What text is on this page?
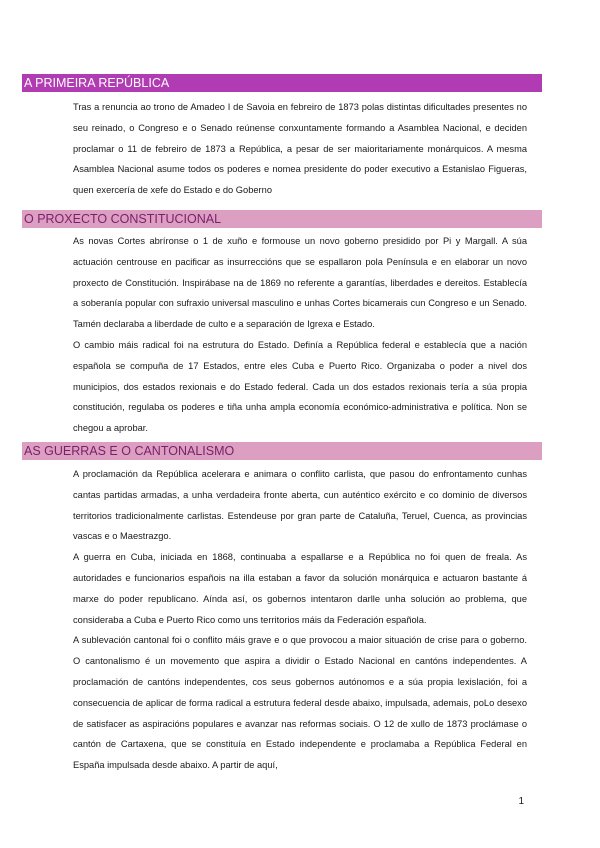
A PRIMEIRA REPÚBLICA

Tras a renuncia ao trono de Amadeo I de Savoia en febreiro de 1873 polas distintas dificultades presentes no seu reinado, o Congreso e o Senado reúnense conxuntamente formando a Asamblea Nacional, e deciden proclamar o 11 de febreiro de 1873 a República, a pesar de ser maioritariamente monárquicos. A mesma Asamblea Nacional asume todos os poderes e nomea presidente do poder executivo a Estanislao Figueras, quen exercería de xefe do Estado e do Goberno

O PROXECTO CONSTITUCIONAL

As novas Cortes abríronse o 1 de xuño e formouse un novo goberno presidido por Pi y Margall. A súa actuación centrouse en pacificar as insurreccións que se espallaron pola Península e en elaborar un novo proxecto de Constitución. Inspirábase na de 1869 no referente a garantías, liberdades e dereitos. Establecía a soberanía popular con sufraxio universal masculino e unhas Cortes bicamerais cun Congreso e un Senado. Tamén declaraba a liberdade de culto e a separación de Igrexa e Estado.

O cambio máis radical foi na estrutura do Estado. Definía a República federal e establecía que a nación española se compuña de 17 Estados, entre eles Cuba e Puerto Rico. Organizaba o poder a nivel dos municipios, dos estados rexionais e do Estado federal. Cada un dos estados rexionais tería a súa propia constitución, regulaba os poderes e tiña unha ampla economía económico-administrativa e política. Non se chegou a aprobar.

AS GUERRAS E O CANTONALISMO

A proclamación da República acelerara e animara o conflito carlista, que pasou do enfrontamento cunhas cantas partidas armadas, a unha verdadeira fronte aberta, cun auténtico exército e co dominio de diversos territorios tradicionalmente carlistas. Estendeuse por gran parte de Cataluña, Teruel, Cuenca, as provincias vascas e o Maestrazgo.

A guerra en Cuba, iniciada en 1868, continuaba a espallarse e a República no foi quen de freala. As autoridades e funcionarios españois na illa estaban a favor da solución monárquica e actuaron bastante á marxe do poder republicano. Aínda así, os gobernos intentaron darlle unha solución ao problema, que consideraba a Cuba e Puerto Rico como uns territorios máis da Federación española.

A sublevación cantonal foi o conflito máis grave e o que provocou a maior situación de crise para o goberno. O cantonalismo é un movemento que aspira a dividir o Estado Nacional en cantóns independentes. A proclamación de cantóns independentes, cos seus gobernos autónomos e a súa propia lexislación, foi a consecuencia de aplicar de forma radical a estrutura federal desde abaixo, impulsada, ademais, poLo desexo de satisfacer as aspiracións populares e avanzar nas reformas sociais. O 12 de xullo de 1873 proclámase o cantón de Cartaxena, que se constituía en Estado independente e proclamaba a República Federal en España impulsada desde abaixo. A partir de aquí,

1
